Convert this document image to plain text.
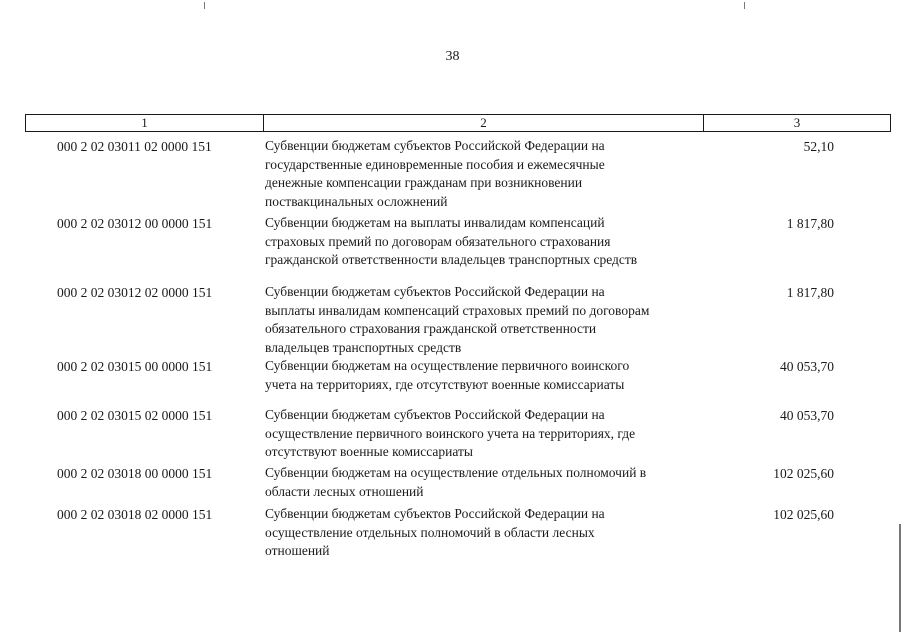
38
1	2	3
000 2 02 03011 02 0000 151	Субвенции бюджетам субъектов Российской Федерации на
государственные единовременные пособия и ежемесячные
денежные компенсации гражданам при возникновении
поствакцинальных осложнений
52,10
000 2 02 03012 00 0000 151	Субвенции бюджетам на выплаты инвалидам компенсаций
страховых премий по договорам обязательного страхования
гражданской ответственности владельцев транспортных средств
1 817,80
000 2 02 03012 02 0000 151	Субвенции бюджетам субъектов Российской Федерации на
выплаты инвалидам компенсаций страховых премий по договорам
обязательного страхования гражданской ответственности
владельцев транспортных средств
1 817,80
000 2 02 03015 00 0000 151	Субвенции бюджетам на осуществление первичного воинского
учета на территориях, где отсутствуют военные комиссариаты
40 053,70
000 2 02 03015 02 0000 151	Субвенции бюджетам субъектов Российской Федерации на
осуществление первичного воинского учета на территориях, где
отсутствуют военные комиссариаты
40 053,70
000 2 02 03018 00 0000 151	Субвенции бюджетам на осуществление отдельных полномочий в
области лесных отношений
102 025,60
000 2 02 03018 02 0000 151	Субвенции бюджетам субъектов Российской Федерации на
осуществление отдельных полномочий в области лесных
отношений
102 025,60
